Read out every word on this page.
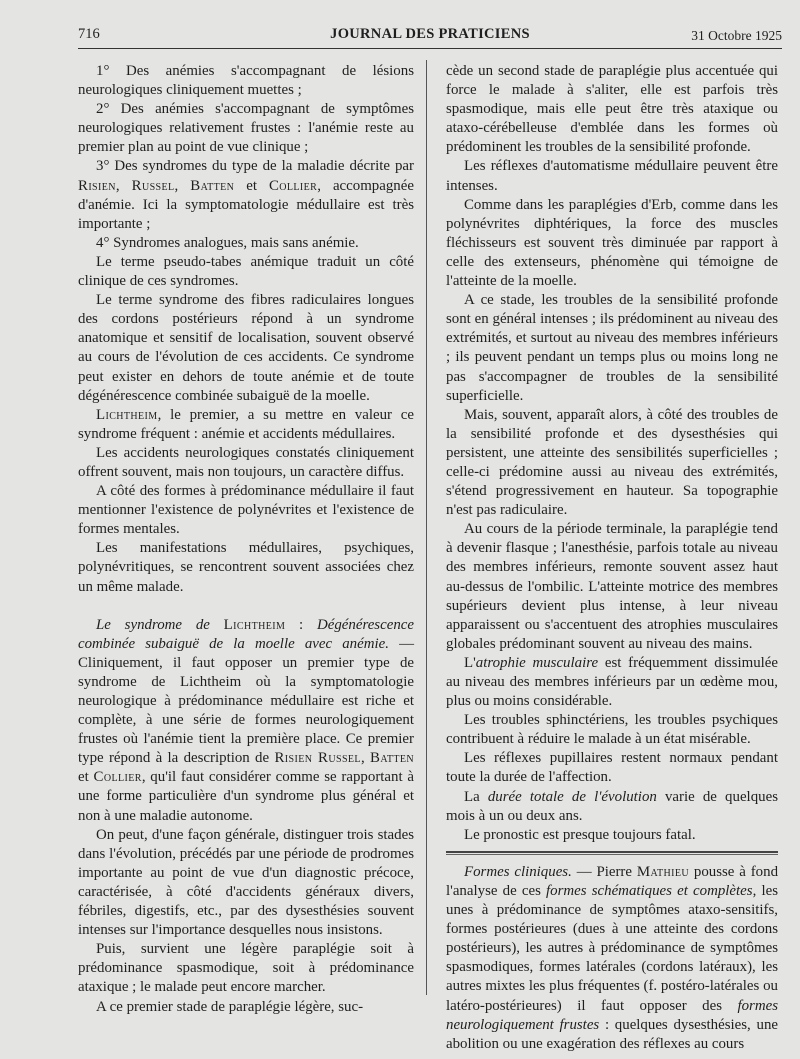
716	JOURNAL DES PRATICIENS	31 Octobre 1925

1° Des anémies s'accompagnant de lésions neurologiques cliniquement muettes ;

2° Des anémies s'accompagnant de symptômes neurologiques relativement frustes : l'anémie reste au premier plan au point de vue clinique ;

3° Des syndromes du type de la maladie décrite par Risien, Russel, Batten et Collier, accompagnée d'anémie. Ici la symptomatologie médullaire est très importante ;

4° Syndromes analogues, mais sans anémie.

Le terme pseudo-tabes anémique traduit un côté clinique de ces syndromes.

Le terme syndrome des fibres radiculaires longues des cordons postérieurs répond à un syndrome anatomique et sensitif de localisation, souvent observé au cours de l'évolution de ces accidents. Ce syndrome peut exister en dehors de toute anémie et de toute dégénérescence combinée subaiguë de la moelle.

Lichtheim, le premier, a su mettre en valeur ce syndrome fréquent : anémie et accidents médullaires.

Les accidents neurologiques constatés cliniquement offrent souvent, mais non toujours, un caractère diffus.

A côté des formes à prédominance médullaire il faut mentionner l'existence de polynévrites et l'existence de formes mentales.

Les manifestations médullaires, psychiques, polynévritiques, se rencontrent souvent associées chez un même malade.

Le syndrome de Lichtheim : Dégénérescence combinée subaiguë de la moelle avec anémie. — Cliniquement, il faut opposer un premier type de syndrome de Lichtheim où la symptomatologie neurologique à prédominance médullaire est riche et complète, à une série de formes neurologiquement frustes où l'anémie tient la première place. Ce premier type répond à la description de Risien Russel, Batten et Collier, qu'il faut considérer comme se rapportant à une forme particulière d'un syndrome plus général et non à une maladie autonome.

On peut, d'une façon générale, distinguer trois stades dans l'évolution, précédés par une période de prodromes importante au point de vue d'un diagnostic précoce, caractérisée, à côté d'accidents généraux divers, fébriles, digestifs, etc., par des dysesthésies souvent intenses sur l'importance desquelles nous insistons.

Puis, survient une légère paraplégie soit à prédominance spasmodique, soit à prédominance ataxique ; le malade peut encore marcher.

A ce premier stade de paraplégie légère, suc-

cède un second stade de paraplégie plus accentuée qui force le malade à s'aliter, elle est parfois très spasmodique, mais elle peut être très ataxique ou ataxo-cérébelleuse d'emblée dans les formes où prédominent les troubles de la sensibilité profonde.

Les réflexes d'automatisme médullaire peuvent être intenses.

Comme dans les paraplégies d'Erb, comme dans les polynévrites diphtériques, la force des muscles fléchisseurs est souvent très diminuée par rapport à celle des extenseurs, phénomène qui témoigne de l'atteinte de la moelle.

A ce stade, les troubles de la sensibilité profonde sont en général intenses ; ils prédominent au niveau des extrémités, et surtout au niveau des membres inférieurs ; ils peuvent pendant un temps plus ou moins long ne pas s'accompagner de troubles de la sensibilité superficielle.

Mais, souvent, apparaît alors, à côté des troubles de la sensibilité profonde et des dysesthésies qui persistent, une atteinte des sensibilités superficielles ; celle-ci prédomine aussi au niveau des extrémités, s'étend progressivement en hauteur. Sa topographie n'est pas radiculaire.

Au cours de la période terminale, la paraplégie tend à devenir flasque ; l'anesthésie, parfois totale au niveau des membres inférieurs, remonte souvent assez haut au-dessus de l'ombilic. L'atteinte motrice des membres supérieurs devient plus intense, à leur niveau apparaissent ou s'accentuent des atrophies musculaires globales prédominant souvent au niveau des mains.

L'atrophie musculaire est fréquemment dissimulée au niveau des membres inférieurs par un œdème mou, plus ou moins considérable.

Les troubles sphinctériens, les troubles psychiques contribuent à réduire le malade à un état misérable.

Les réflexes pupillaires restent normaux pendant toute la durée de l'affection.

La durée totale de l'évolution varie de quelques mois à un ou deux ans.

Le pronostic est presque toujours fatal.

Formes cliniques. — Pierre Mathieu pousse à fond l'analyse de ces formes schématiques et complètes, les unes à prédominance de symptômes ataxo-sensitifs, formes postérieures (dues à une atteinte des cordons postérieurs), les autres à prédominance de symptômes spasmodiques, formes latérales (cordons latéraux), les autres mixtes les plus fréquentes (f. postéro-latérales ou latéro-postérieures) il faut opposer des formes neurologiquement frustes : quelques dysesthésies, une abolition ou une exagération des réflexes au cours
